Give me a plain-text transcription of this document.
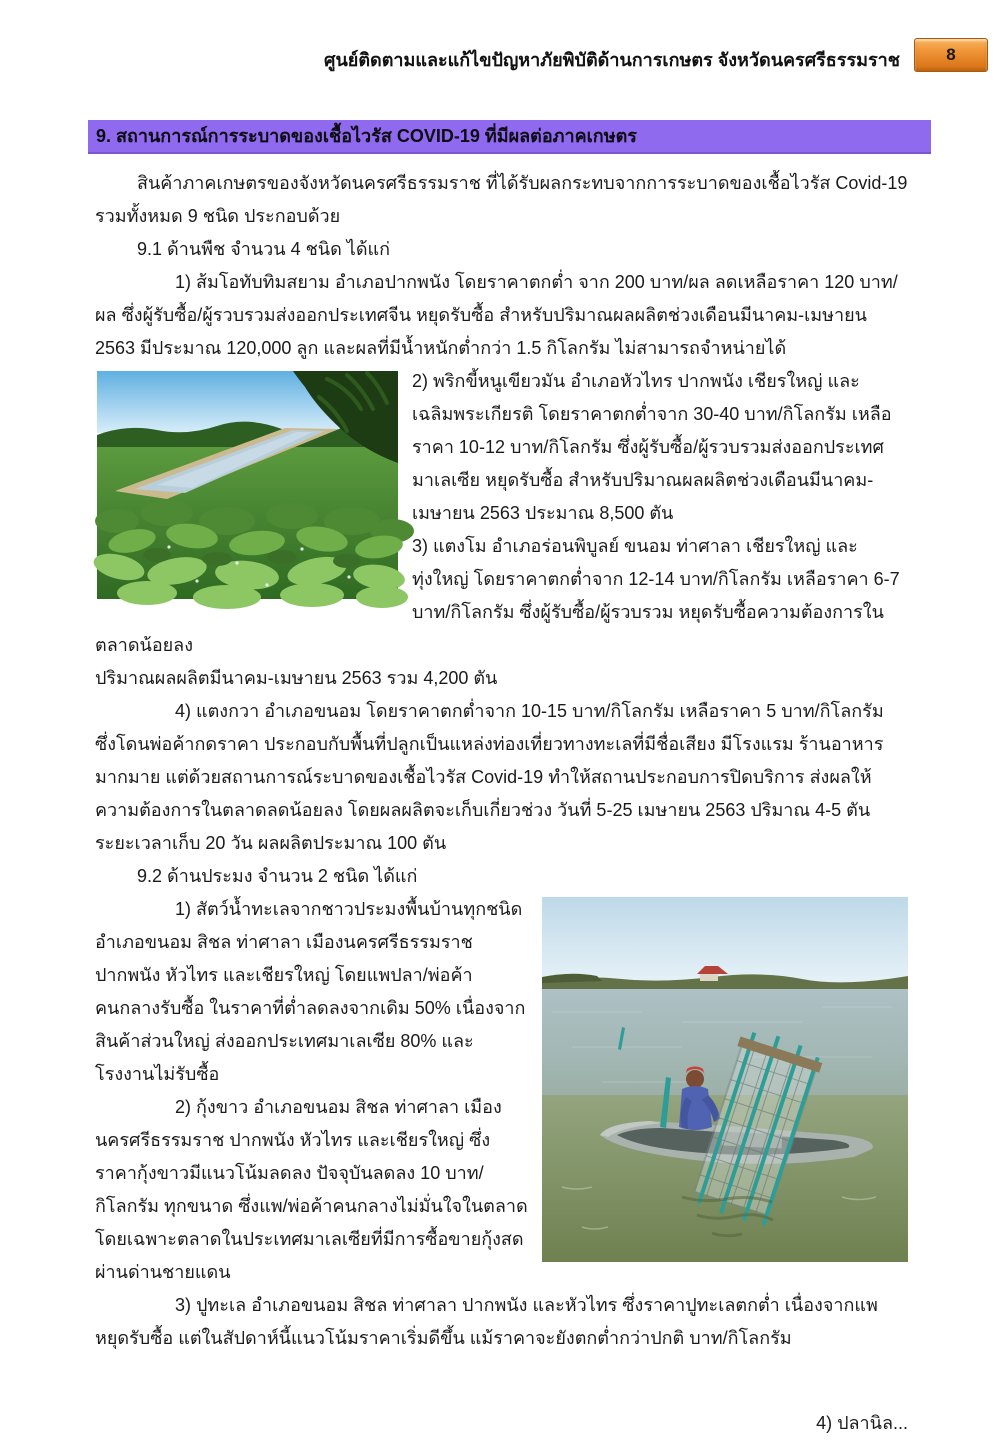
ศูนย์ติดตามและแก้ไขปัญหาภัยพิบัติด้านการเกษตร จังหวัดนครศรีธรรมราช	8
9. สถานการณ์การระบาดของเชื้อไวรัส COVID-19 ที่มีผลต่อภาคเกษตร

สินค้าภาคเกษตรของจังหวัดนครศรีธรรมราช ที่ได้รับผลกระทบจากการระบาดของเชื้อไวรัส Covid-19 รวมทั้งหมด 9 ชนิด ประกอบด้วย

9.1 ด้านพืช จำนวน 4 ชนิด ได้แก่

1) ส้มโอทับทิมสยาม อำเภอปากพนัง โดยราคาตกต่ำ จาก 200 บาท/ผล ลดเหลือราคา 120 บาท/ผล ซึ่งผู้รับซื้อ/ผู้รวบรวมส่งออกประเทศจีน หยุดรับซื้อ สำหรับปริมาณผลผลิตช่วงเดือนมีนาคม-เมษายน 2563 มีประมาณ 120,000 ลูก และผลที่มีน้ำหนักต่ำกว่า 1.5 กิโลกรัม ไม่สามารถจำหน่ายได้

2) พริกขี้หนูเขียวมัน อำเภอหัวไทร ปากพนัง เชียรใหญ่ และเฉลิมพระเกียรติ โดยราคาตกต่ำจาก 30-40 บาท/กิโลกรัม เหลือราคา 10-12 บาท/กิโลกรัม ซึ่งผู้รับซื้อ/ผู้รวบรวมส่งออกประเทศมาเลเซีย หยุดรับซื้อ สำหรับปริมาณผลผลิตช่วงเดือนมีนาคม-เมษายน 2563 ประมาณ 8,500 ตัน

3) แตงโม อำเภอร่อนพิบูลย์ ขนอม ท่าศาลา เชียรใหญ่ และทุ่งใหญ่ โดยราคาตกต่ำจาก 12-14 บาท/กิโลกรัม เหลือราคา 6-7 บาท/กิโลกรัม ซึ่งผู้รับซื้อ/ผู้รวบรวม หยุดรับซื้อความต้องการในตลาดน้อยลง

ปริมาณผลผลิตมีนาคม-เมษายน 2563 รวม 4,200 ตัน

4) แตงกวา อำเภอขนอม โดยราคาตกต่ำจาก 10-15 บาท/กิโลกรัม เหลือราคา 5 บาท/กิโลกรัม ซึ่งโดนพ่อค้ากดราคา ประกอบกับพื้นที่ปลูกเป็นแหล่งท่องเที่ยวทางทะเลที่มีชื่อเสียง มีโรงแรม ร้านอาหาร มากมาย แต่ด้วยสถานการณ์ระบาดของเชื้อไวรัส Covid-19 ทำให้สถานประกอบการปิดบริการ ส่งผลให้ความต้องการในตลาดลดน้อยลง โดยผลผลิตจะเก็บเกี่ยวช่วง วันที่ 5-25 เมษายน 2563 ปริมาณ 4-5 ตัน ระยะเวลาเก็บ 20 วัน ผลผลิตประมาณ 100 ตัน

9.2 ด้านประมง จำนวน 2 ชนิด ได้แก่

1) สัตว์น้ำทะเลจากชาวประมงพื้นบ้านทุกชนิด อำเภอขนอม สิชล ท่าศาลา เมืองนครศรีธรรมราช ปากพนัง หัวไทร และเชียรใหญ่ โดยแพปลา/พ่อค้าคนกลางรับซื้อ ในราคาที่ต่ำลดลงจากเดิม 50% เนื่องจากสินค้าส่วนใหญ่ ส่งออกประเทศมาเลเซีย 80% และโรงงานไม่รับซื้อ

2) กุ้งขาว อำเภอขนอม สิชล ท่าศาลา เมืองนครศรีธรรมราช ปากพนัง หัวไทร และเชียรใหญ่ ซึ่งราคากุ้งขาวมีแนวโน้มลดลง ปัจจุบันลดลง 10 บาท/กิโลกรัม ทุกขนาด ซึ่งแพ/พ่อค้าคนกลางไม่มั่นใจในตลาด โดยเฉพาะตลาดในประเทศมาเลเซียที่มีการซื้อขายกุ้งสดผ่านด่านชายแดน

3) ปูทะเล อำเภอขนอม สิชล ท่าศาลา ปากพนัง และหัวไทร ซึ่งราคาปูทะเลตกต่ำ เนื่องจากแพหยุดรับซื้อ แต่ในสัปดาห์นี้แนวโน้มราคาเริ่มดีขึ้น แม้ราคาจะยังตกต่ำกว่าปกติ บาท/กิโลกรัม

4) ปลานิล...
